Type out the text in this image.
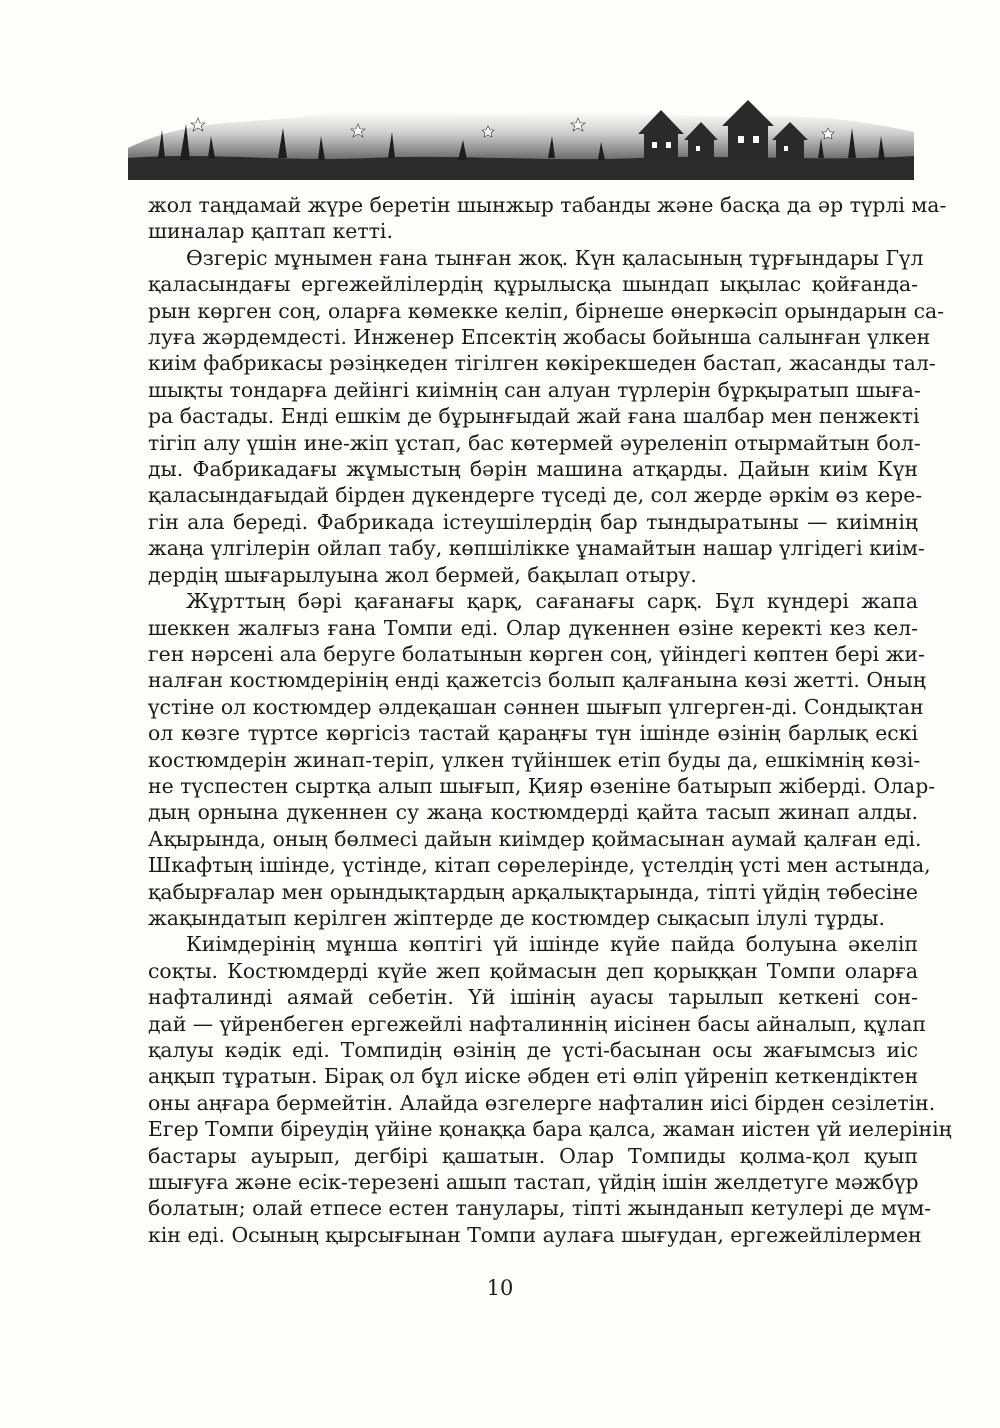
жол таңдамай жүре беретін шынжыр табанды және басқа да әр түрлі ма-
шиналар қаптап кетті.

Өзгеріс мұнымен ғана тынған жоқ. Күн қаласының тұрғындары Гүл
қаласындағы ергежейлілердің құрылысқа шындап ықылас қойғанда-
рын көрген соң, оларға көмекке келіп, бірнеше өнеркәсіп орындарын са-
луға жәрдемдесті. Инженер Епсектің жобасы бойынша салынған үлкен
киім фабрикасы рәзіңкеден тігілген көкірекшеден бастап, жасанды тал-
шықты тондарға дейінгі киімнің сан алуан түрлерін бұрқыратып шыға-
ра бастады. Енді ешкім де бұрынғыдай жай ғана шалбар мен пенжекті
тігіп алу үшін ине-жіп ұстап, бас көтермей әуреленіп отырмайтын бол-
ды. Фабрикадағы жұмыстың бәрін машина атқарды. Дайын киім Күн
қаласындағыдай бірден дүкендерге түседі де, сол жерде әркім өз кере-
гін ала береді. Фабрикада істеушілердің бар тындыратыны — киімнің
жаңа үлгілерін ойлап табу, көпшілікке ұнамайтын нашар үлгідегі киім-
дердің шығарылуына жол бермей, бақылап отыру.

Жұрттың бәрі қағанағы қарқ, сағанағы сарқ. Бұл күндері жапа
шеккен жалғыз ғана Томпи еді. Олар дүкеннен өзіне керекті кез кел-
ген нәрсені ала беруге болатынын көрген соң, үйіндегі көптен бері жи-
налған костюмдерінің енді қажетсіз болып қалғанына көзі жетті. Оның
үстіне ол костюмдер әлдеқашан сәннен шығып үлгерген-ді. Сондықтан
ол көзге түртсе көргісіз тастай қараңғы түн ішінде өзінің барлық ескі
костюмдерін жинап-теріп, үлкен түйіншек етіп буды да, ешкімнің көзі-
не түспестен сыртқа алып шығып, Қияр өзеніне батырып жіберді. Олар-
дың орнына дүкеннен су жаңа костюмдерді қайта тасып жинап алды.
Ақырында, оның бөлмесі дайын киімдер қоймасынан аумай қалған еді.
Шкафтың ішінде, үстінде, кітап сөрелерінде, үстелдің үсті мен астында,
қабырғалар мен орындықтардың арқалықтарында, тіпті үйдің төбесіне
жақындатып керілген жіптерде де костюмдер сықасып ілулі тұрды.

Киімдерінің мұнша көптігі үй ішінде күйе пайда болуына әкеліп
соқты. Костюмдерді күйе жеп қоймасын деп қорыққан Томпи оларға
нафталинді аямай себетін. Үй ішінің ауасы тарылып кеткені сон-
дай — үйренбеген ергежейлі нафталиннің иісінен басы айналып, құлап
қалуы кәдік еді. Томпидің өзінің де үсті-басынан осы жағымсыз иіс
аңқып тұратын. Бірақ ол бұл иіске әбден еті өліп үйреніп кеткендіктен
оны аңғара бермейтін. Алайда өзгелерге нафталин иісі бірден сезілетін.
Егер Томпи біреудің үйіне қонаққа бара қалса, жаман иістен үй иелерінің
бастары ауырып, дегбірі қашатын. Олар Томпиды қолма-қол қуып
шығуға және есік-терезені ашып тастап, үйдің ішін желдетуге мәжбүр
болатын; олай етпесе естен танулары, тіпті жынданып кетулері де мүм-
кін еді. Осының қырсығынан Томпи аулаға шығудан, ергежейлілермен

10
